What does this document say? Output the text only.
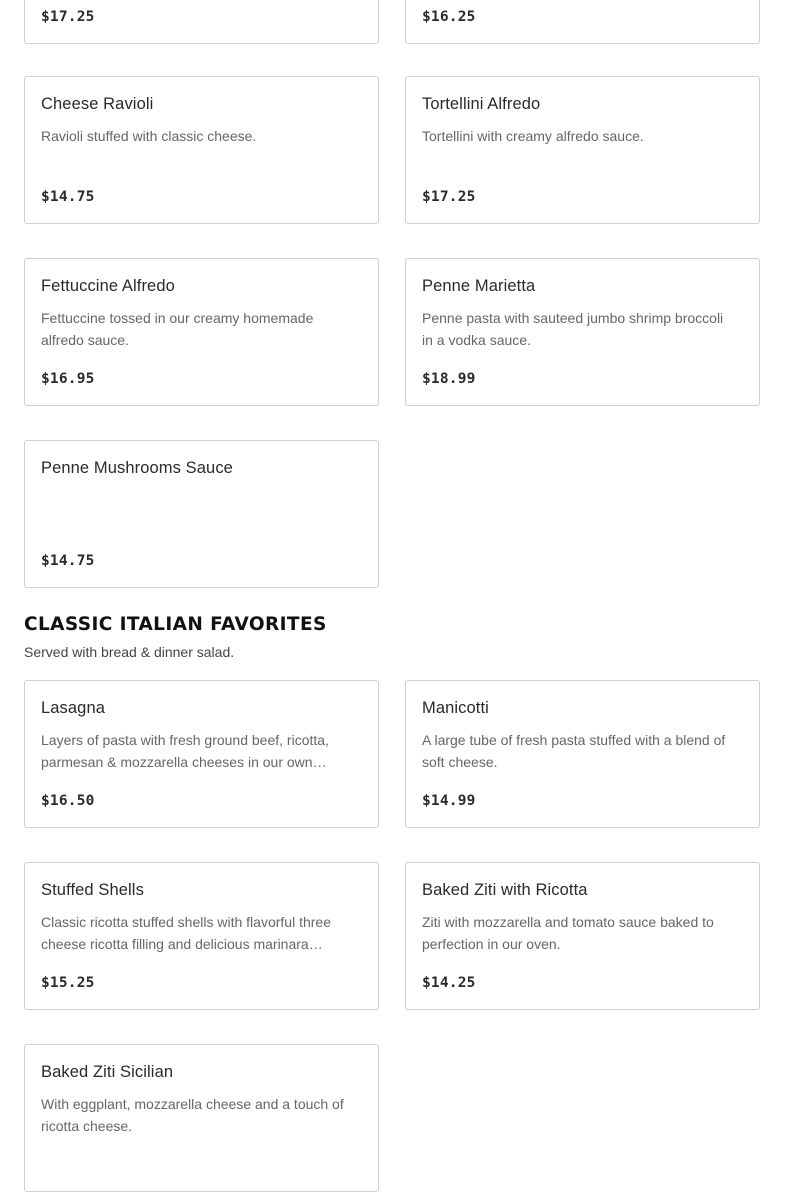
$17.25	$16.25
Cheese Ravioli
Ravioli stuffed with classic cheese.
$14.75
Tortellini Alfredo
Tortellini with creamy alfredo sauce.
$17.25
Fettuccine Alfredo
Fettuccine tossed in our creamy homemade alfredo sauce.
$16.95
Penne Marietta
Penne pasta with sauteed jumbo shrimp broccoli in a vodka sauce.
$18.99
Penne Mushrooms Sauce
$14.75
CLASSIC ITALIAN FAVORITES
Served with bread & dinner salad.
Lasagna
Layers of pasta with fresh ground beef, ricotta, parmesan & mozzarella cheeses in our own…
$16.50
Manicotti
A large tube of fresh pasta stuffed with a blend of soft cheese.
$14.99
Stuffed Shells
Classic ricotta stuffed shells with flavorful three cheese ricotta filling and delicious marinara…
$15.25
Baked Ziti with Ricotta
Ziti with mozzarella and tomato sauce baked to perfection in our oven.
$14.25
Baked Ziti Sicilian
With eggplant, mozzarella cheese and a touch of ricotta cheese.
